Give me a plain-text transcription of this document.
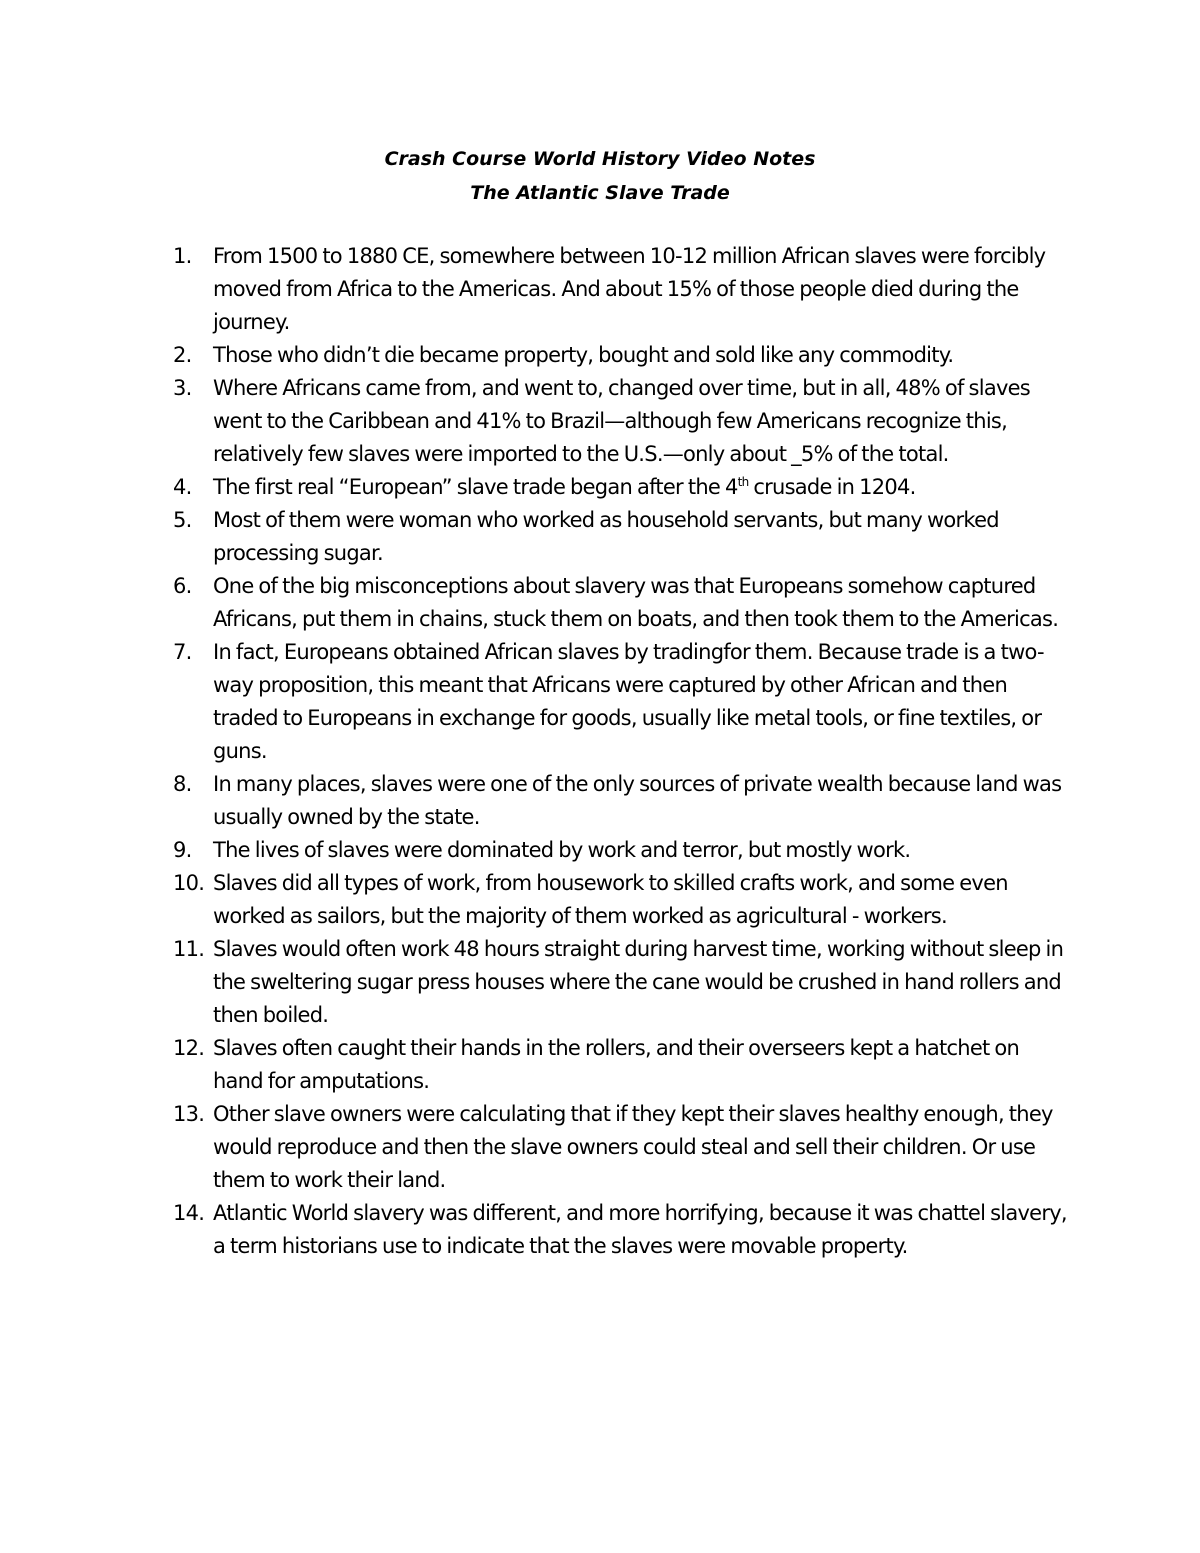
Crash Course World History Video Notes
The Atlantic Slave Trade
1.	From 1500 to 1880 CE, somewhere between 10-12 million African slaves were forcibly moved from Africa to the Americas. And about 15% of those people died during the journey.
2.	Those who didn’t die became property, bought and sold like any commodity.
3.	Where Africans came from, and went to, changed over time, but in all, 48% of slaves went to the Caribbean and 41% to Brazil—although few Americans recognize this, relatively few slaves were imported to the U.S.—only about _5% of the total.
4.	The first real “European” slave trade began after the 4th crusade in 1204.
5.	Most of them were woman who worked as household servants, but many worked processing sugar.
6.	One of the big misconceptions about slavery was that Europeans somehow captured Africans, put them in chains, stuck them on boats, and then took them to the Americas.
7.	In fact, Europeans obtained African slaves by tradingfor them. Because trade is a two-way proposition, this meant that Africans were captured by other African and then traded to Europeans in exchange for goods, usually like metal tools, or fine textiles, or guns.
8.	In many places, slaves were one of the only sources of private wealth because land was usually owned by the state.
9.	The lives of slaves were dominated by work and terror, but mostly work.
10. Slaves did all types of work, from housework to skilled crafts work, and some even worked as sailors, but the majority of them worked as agricultural - workers.
11. Slaves would often work 48 hours straight during harvest time, working without sleep in the sweltering sugar press houses where the cane would be crushed in hand rollers and then boiled.
12. Slaves often caught their hands in the rollers, and their overseers kept a hatchet on hand for amputations.
13. Other slave owners were calculating that if they kept their slaves healthy enough, they would reproduce and then the slave owners could steal and sell their children. Or use them to work their land.
14. Atlantic World slavery was different, and more horrifying, because it was chattel slavery, a term historians use to indicate that the slaves were movable property.
